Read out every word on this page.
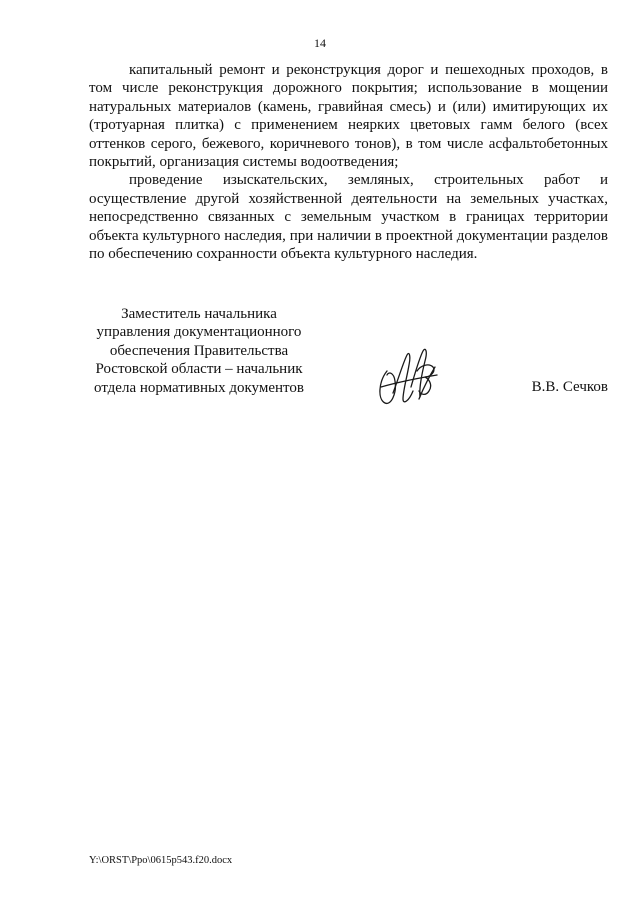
14

капитальный ремонт и реконструкция дорог и пешеходных проходов, в том числе реконструкция дорожного покрытия; использование в мощении натуральных материалов (камень, гравийная смесь) и (или) имитирующих их (тротуарная плитка) с применением неярких цветовых гамм белого (всех оттенков серого, бежевого, коричневого тонов), в том числе асфальтобетонных покрытий, организация системы водоотведения;

проведение изыскательских, земляных, строительных работ и осуществление другой хозяйственной деятельности на земельных участках, непосредственно связанных с земельным участком в границах территории объекта культурного наследия, при наличии в проектной документации разделов по обеспечению сохранности объекта культурного наследия.

Заместитель начальника
управления документационного
обеспечения Правительства
Ростовской области – начальник
отдела нормативных документов	В.В. Сечков
Y:\ORST\Ppo\0615p543.f20.docx
